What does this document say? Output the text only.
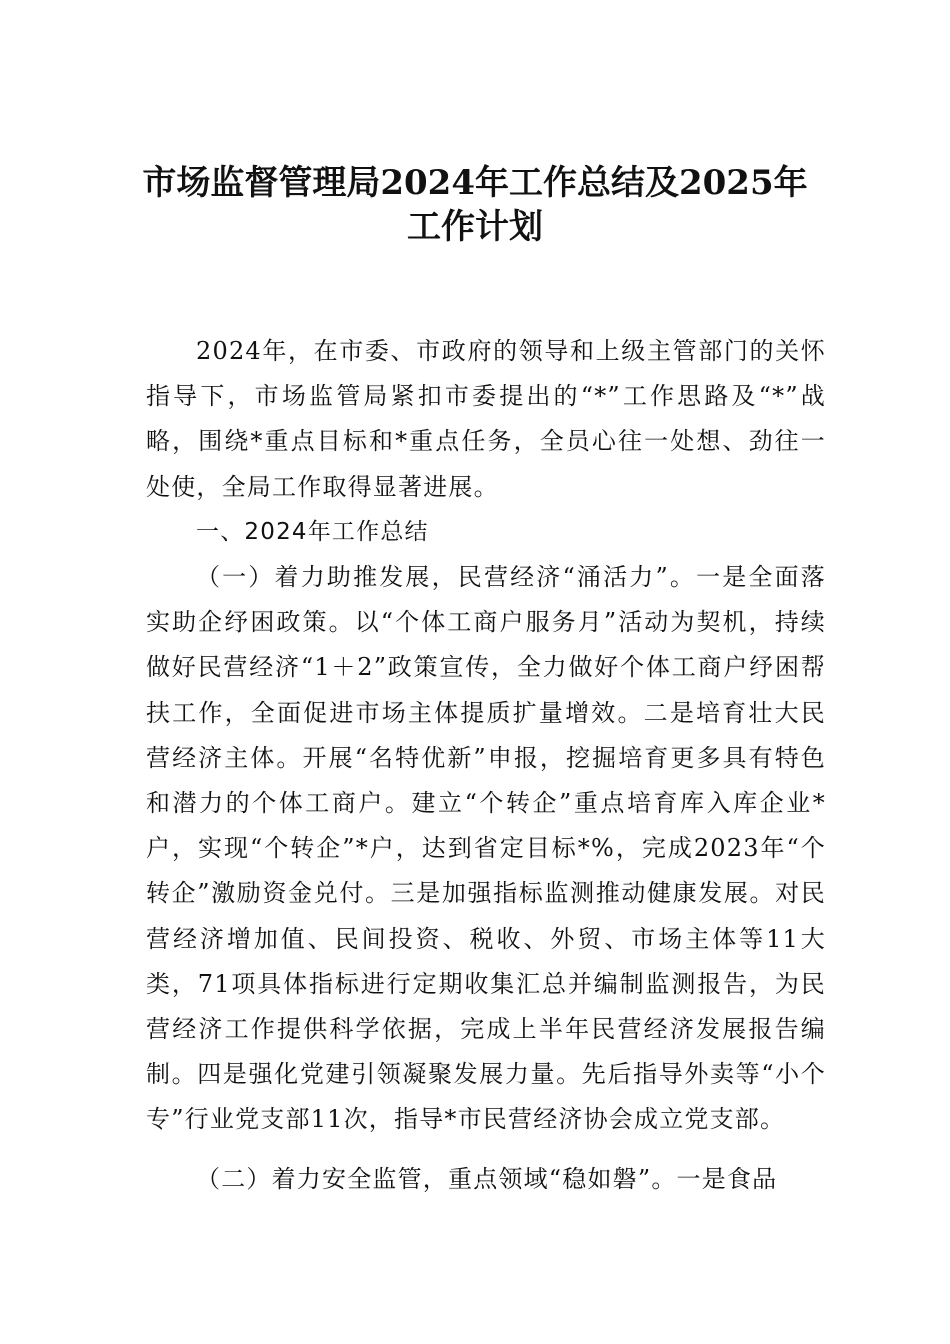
市场监督管理局2024年工作总结及2025年
工作计划

2024年，在市委、市政府的领导和上级主管部门的关怀指导下，市场监管局紧扣市委提出的“*”工作思路及“*”战略，围绕*重点目标和*重点任务，全员心往一处想、劲往一处使，全局工作取得显著进展。

一、2024年工作总结

（一）着力助推发展，民营经济“涌活力”。一是全面落实助企纾困政策。以“个体工商户服务月”活动为契机，持续做好民营经济“1＋2”政策宣传，全力做好个体工商户纾困帮扶工作，全面促进市场主体提质扩量增效。二是培育壮大民营经济主体。开展“名特优新”申报，挖掘培育更多具有特色和潜力的个体工商户。建立“个转企”重点培育库入库企业*户，实现“个转企”*户，达到省定目标*%，完成2023年“个转企”激励资金兑付。三是加强指标监测推动健康发展。对民营经济增加值、民间投资、税收、外贸、市场主体等11大类，71项具体指标进行定期收集汇总并编制监测报告，为民营经济工作提供科学依据，完成上半年民营经济发展报告编制。四是强化党建引领凝聚发展力量。先后指导外卖等“小个专”行业党支部11次，指导*市民营经济协会成立党支部。

（二）着力安全监管，重点领域“稳如磐”。一是食品
